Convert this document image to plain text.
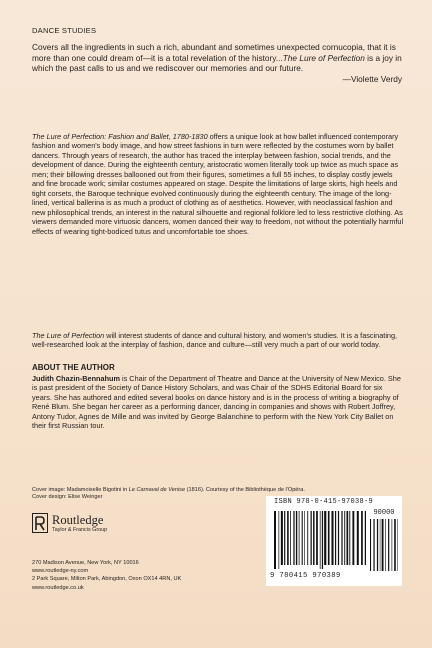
DANCE STUDIES
Covers all the ingredients in such a rich, abundant and sometimes unexpected cornucopia, that it is more than one could dream of—it is a total revelation of the history...The Lure of Perfection is a joy in which the past calls to us and we rediscover our memories and our future.
—Violette Verdy
The Lure of Perfection: Fashion and Ballet, 1780-1830 offers a unique look at how ballet influenced contemporary fashion and women's body image, and how street fashions in turn were reflected by the costumes worn by ballet dancers. Through years of research, the author has traced the interplay between fashion, social trends, and the development of dance. During the eighteenth century, aristocratic women literally took up twice as much space as men; their billowing dresses ballooned out from their figures, sometimes a full 55 inches, to display costly jewels and fine brocade work; similar costumes appeared on stage. Despite the limitations of large skirts, high heels and tight corsets, the Baroque technique evolved continuously during the eighteenth century. The image of the long-lined, vertical ballerina is as much a product of clothing as of aesthetics. However, with neoclassical fashion and new philosophical trends, an interest in the natural silhouette and regional folklore led to less restrictive clothing. As viewers demanded more virtuosic dancers, women danced their way to freedom, not without the potentially harmful effects of wearing tight-bodiced tutus and uncomfortable toe shoes.
The Lure of Perfection will interest students of dance and cultural history, and women's studies. It is a fascinating, well-researched look at the interplay of fashion, dance and culture—still very much a part of our world today.
ABOUT THE AUTHOR
Judith Chazin-Bennahum is Chair of the Department of Theatre and Dance at the University of New Mexico. She is past president of the Society of Dance History Scholars, and was Chair of the SDHS Editorial Board for six years. She has authored and edited several books on dance history and is in the process of writing a biography of René Blum. She began her career as a performing dancer, dancing in companies and shows with Robert Joffrey, Antony Tudor, Agnes de Mille and was invited by George Balanchine to perform with the New York City Ballet on their first Russian tour.
Cover image: Madamoiselle Bigotini in Le Carnaval de Venise (1816). Courtesy of the Bibliothèque de l'Opéra.
Cover design: Elise Weinger
Routledge
Taylor & Francis Group
270 Madison Avenue, New York, NY 10016
www.routledge-ny.com
2 Park Square, Milton Park, Abingdon, Oxon OX14 4RN, UK
www.routledge.co.uk
ISBN 978-0-415-97038-9
90000
9 780415 970389
